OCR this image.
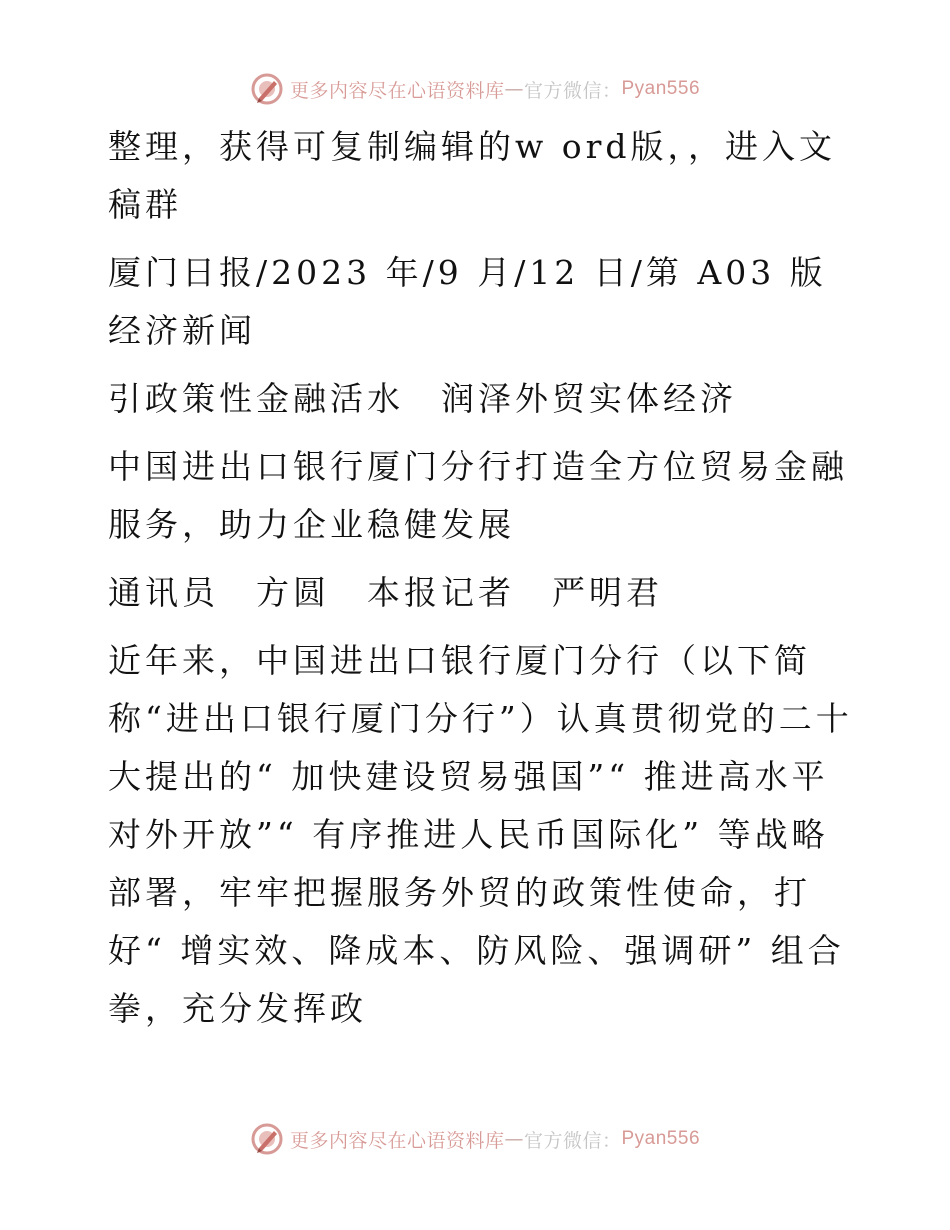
更多内容尽在心语资料库 — 官方微信： Pyan556

整理，获得可复制编辑的w ord版，，进入文稿群

厦门日报/2023 年/9 月/12 日/第 A03 版经济新闻

引政策性金融活水　润泽外贸实体经济

中国进出口银行厦门分行打造全方位贸易金融服务，助力企业稳健发展

通讯员　方圆　本报记者　严明君

近年来，中国进出口银行厦门分行（以下简称“进出口银行厦门分行”）认真贯彻党的二十大提出的“ 加快建设贸易强国”“ 推进高水平对外开放”“ 有序推进人民币国际化” 等战略部署，牢牢把握服务外贸的政策性使命，打好“ 增实效、降成本、防风险、强调研” 组合拳，充分发挥政

更多内容尽在心语资料库 — 官方微信： Pyan556
